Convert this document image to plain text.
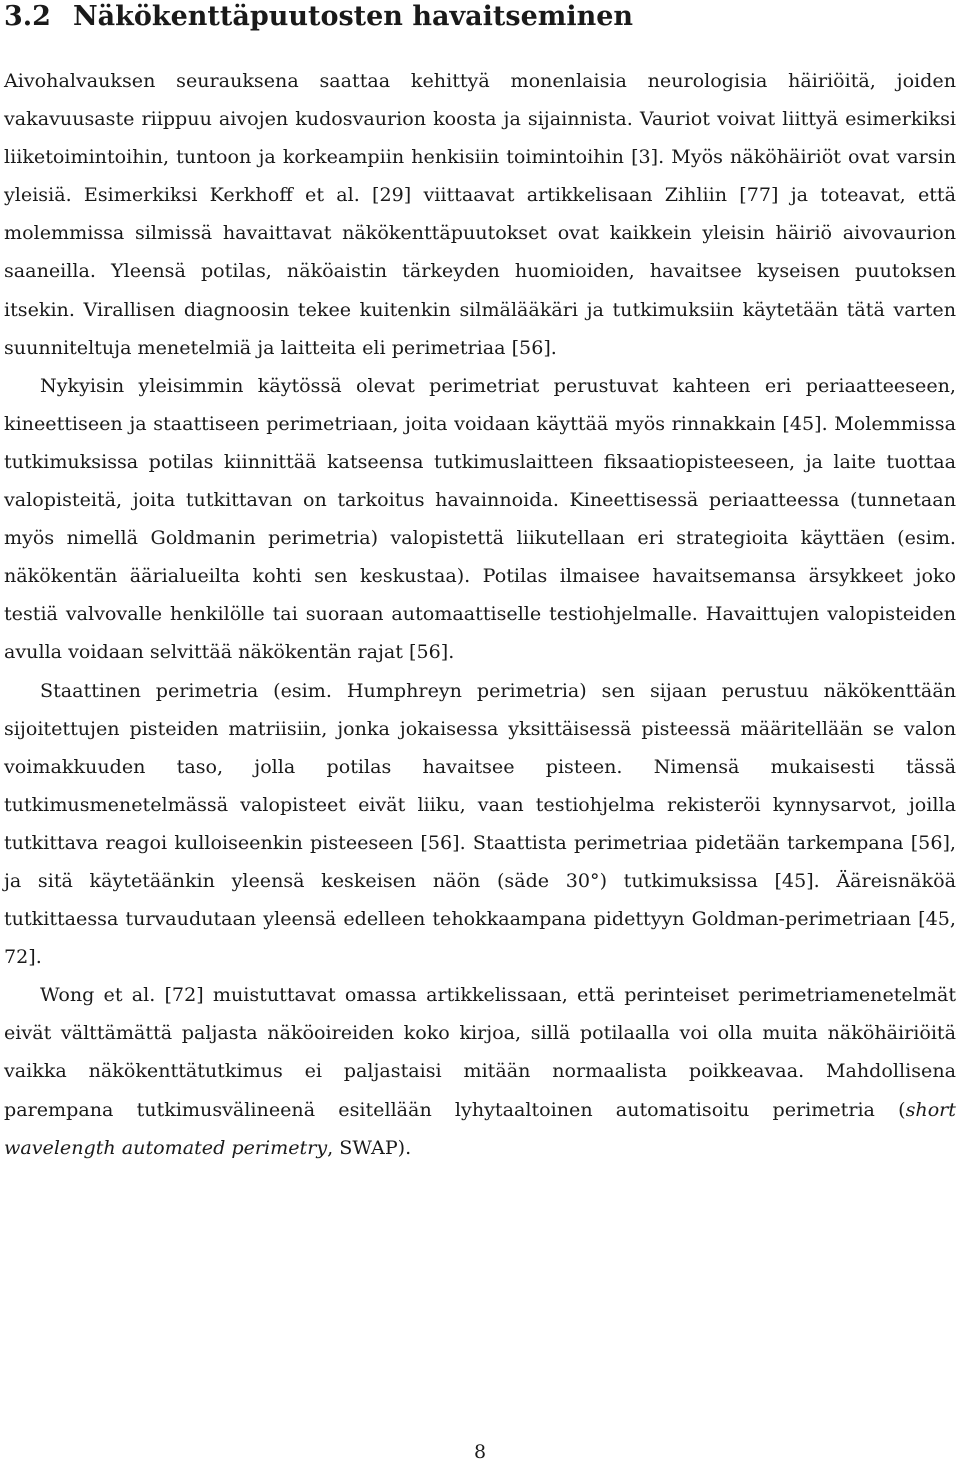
3.2 Näkökenttäpuutosten havaitseminen

Aivohalvauksen seurauksena saattaa kehittyä monenlaisia neurologisia häiriöitä, joiden vakavuusaste riippuu aivojen kudosvaurion koosta ja sijainnista. Vauriot voivat liittyä esimerkiksi liiketoimintoihin, tuntoon ja korkeampiin henkisiin toimintoihin [3]. Myös näköhäiriöt ovat varsin yleisiä. Esimerkiksi Kerkhoff et al. [29] viittaavat artikkelisaan Zihliin [77] ja toteavat, että molemmissa silmissä havaittavat näkökenttäpuutokset ovat kaikkein yleisin häiriö aivovaurion saaneilla. Yleensä potilas, näköaistin tärkeyden huomioiden, havaitsee kyseisen puutoksen itsekin. Virallisen diagnoosin tekee kuitenkin silmälääkäri ja tutkimuksiin käytetään tätä varten suunniteltuja menetelmiä ja laitteita eli perimetriaa [56].

Nykyisin yleisimmin käytössä olevat perimetriat perustuvat kahteen eri periaatteeseen, kineettiseen ja staattiseen perimetriaan, joita voidaan käyttää myös rinnakkain [45]. Molemmissa tutkimuksissa potilas kiinnittää katseensa tutkimuslaitteen fiksaatiopisteeseen, ja laite tuottaa valopisteitä, joita tutkittavan on tarkoitus havainnoida. Kineettisessä periaatteessa (tunnetaan myös nimellä Goldmanin perimetria) valopistettä liikutellaan eri strategioita käyttäen (esim. näkökentän äärialueilta kohti sen keskustaa). Potilas ilmaisee havaitsemansa ärsykkeet joko testiä valvovalle henkilölle tai suoraan automaattiselle testiohjelmalle. Havaittujen valopisteiden avulla voidaan selvittää näkökentän rajat [56].

Staattinen perimetria (esim. Humphreyn perimetria) sen sijaan perustuu näkökenttään sijoitettujen pisteiden matriisiin, jonka jokaisessa yksittäisessä pisteessä määritellään se valon voimakkuuden taso, jolla potilas havaitsee pisteen. Nimensä mukaisesti tässä tutkimusmenetelmässä valopisteet eivät liiku, vaan testiohjelma rekisteröi kynnysarvot, joilla tutkittava reagoi kulloiseenkin pisteeseen [56]. Staattista perimetriaa pidetään tarkempana [56], ja sitä käytetäänkin yleensä keskeisen näön (säde 30°) tutkimuksissa [45]. Ääreisnäköä tutkittaessa turvaudutaan yleensä edelleen tehokkaampana pidettyyn Goldman-perimetriaan [45, 72].

Wong et al. [72] muistuttavat omassa artikkelissaan, että perinteiset perimetriamenetelmät eivät välttämättä paljasta näköoireiden koko kirjoa, sillä potilaalla voi olla muita näköhäiriöitä vaikka näkökenttätutkimus ei paljastaisi mitään normaalista poikkeavaa. Mahdollisena parempana tutkimusvälineenä esitellään lyhytaaltoinen automatisoitu perimetria (short wavelength automated perimetry, SWAP).

8
